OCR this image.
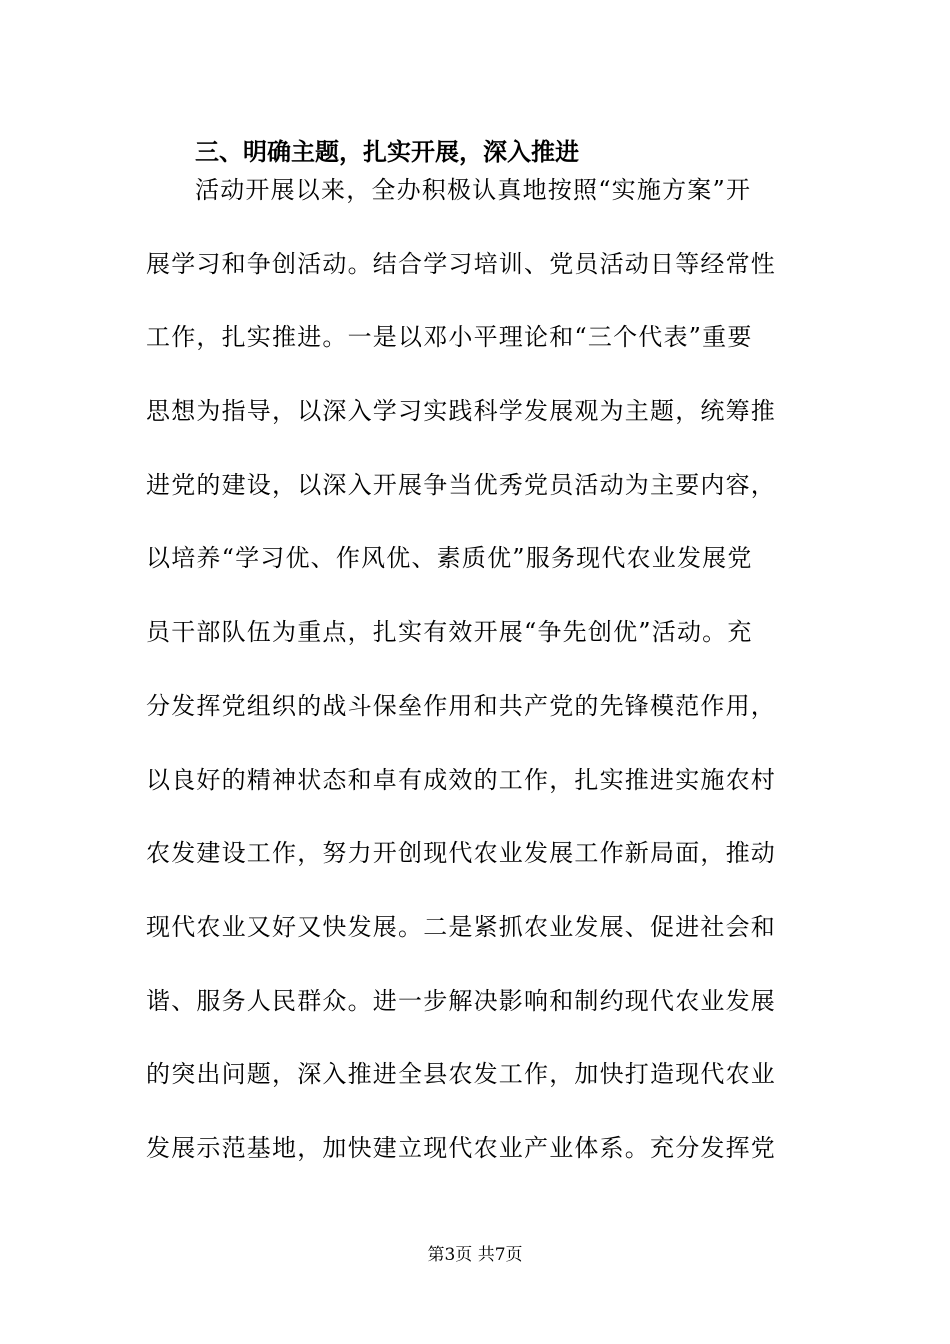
三、明确主题，扎实开展，深入推进
活动开展以来，全办积极认真地按照“实施方案”开
展学习和争创活动。结合学习培训、党员活动日等经常性
工作，扎实推进。一是以邓小平理论和“三个代表”重要
思想为指导，以深入学习实践科学发展观为主题，统筹推
进党的建设，以深入开展争当优秀党员活动为主要内容，
以培养“学习优、作风优、素质优”服务现代农业发展党
员干部队伍为重点，扎实有效开展“争先创优”活动。充
分发挥党组织的战斗保垒作用和共产党的先锋模范作用，
以良好的精神状态和卓有成效的工作，扎实推进实施农村
农发建设工作，努力开创现代农业发展工作新局面，推动
现代农业又好又快发展。二是紧抓农业发展、促进社会和
谐、服务人民群众。进一步解决影响和制约现代农业发展
的突出问题，深入推进全县农发工作，加快打造现代农业
发展示范基地，加快建立现代农业产业体系。充分发挥党
第3页 共7页
